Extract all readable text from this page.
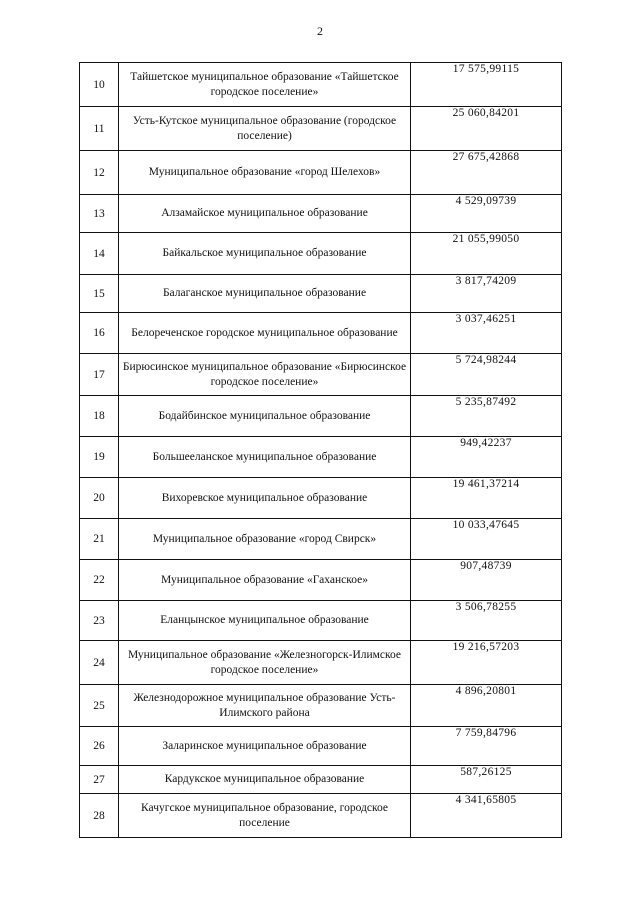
2
10	Тайшетское муниципальное образование «Тайшетское городское поселение»	17 575,99115
11	Усть-Кутское муниципальное образование (городское поселение)	25 060,84201
12	Муниципальное образование «город Шелехов»	27 675,42868
13	Алзамайское муниципальное образование	4 529,09739
14	Байкальское муниципальное образование	21 055,99050
15	Балаганское муниципальное образование	3 817,74209
16	Белореченское городское муниципальное образование	3 037,46251
17	Бирюсинское муниципальное образование «Бирюсинское городское поселение»	5 724,98244
18	Бодайбинское муниципальное образование	5 235,87492
19	Большееланское муниципальное образование	949,42237
20	Вихоревское муниципальное образование	19 461,37214
21	Муниципальное образование «город Свирск»	10 033,47645
22	Муниципальное образование «Гаханское»	907,48739
23	Еланцынское муниципальное образование	3 506,78255
24	Муниципальное образование «Железногорск-Илимское городское поселение»	19 216,57203
25	Железнодорожное муниципальное образование Усть-Илимского района	4 896,20801
26	Заларинское муниципальное образование	7 759,84796
27	Кардукское муниципальное образование	587,26125
28	Качугское муниципальное образование, городское поселение	4 341,65805
